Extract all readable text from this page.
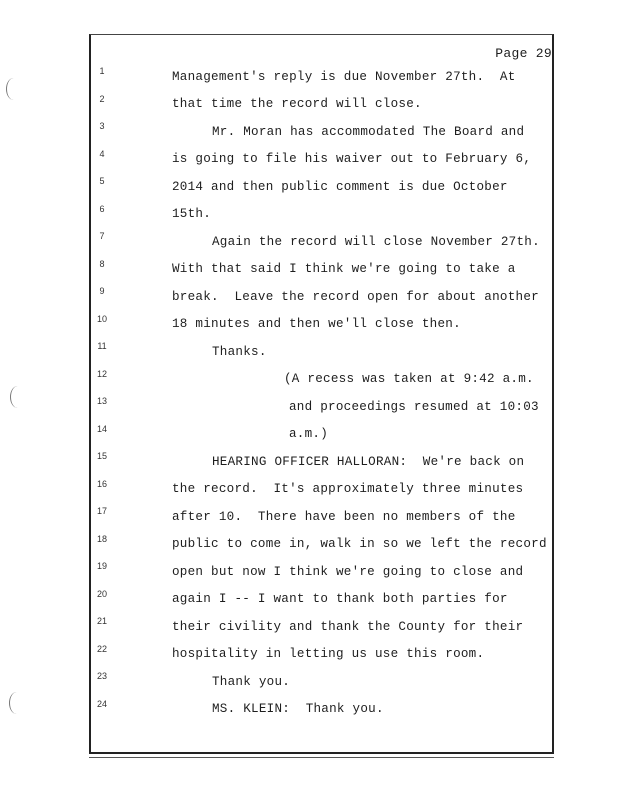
Page 29
1
2
3
4
5
6
7
8
9
10
11
12
13
14
15
16
17
18
19
20
21
22
23
24
Management's reply is due November 27th.  At
that time the record will close.
Mr. Moran has accommodated The Board and
is going to file his waiver out to February 6,
2014 and then public comment is due October
15th.
Again the record will close November 27th.
With that said I think we're going to take a
break.  Leave the record open for about another
18 minutes and then we'll close then.
Thanks.
(A recess was taken at 9:42 a.m.
and proceedings resumed at 10:03
a.m.)
HEARING OFFICER HALLORAN:  We're back on
the record.  It's approximately three minutes
after 10.  There have been no members of the
public to come in, walk in so we left the record
open but now I think we're going to close and
again I -- I want to thank both parties for
their civility and thank the County for their
hospitality in letting us use this room.
Thank you.
MS. KLEIN:  Thank you.
